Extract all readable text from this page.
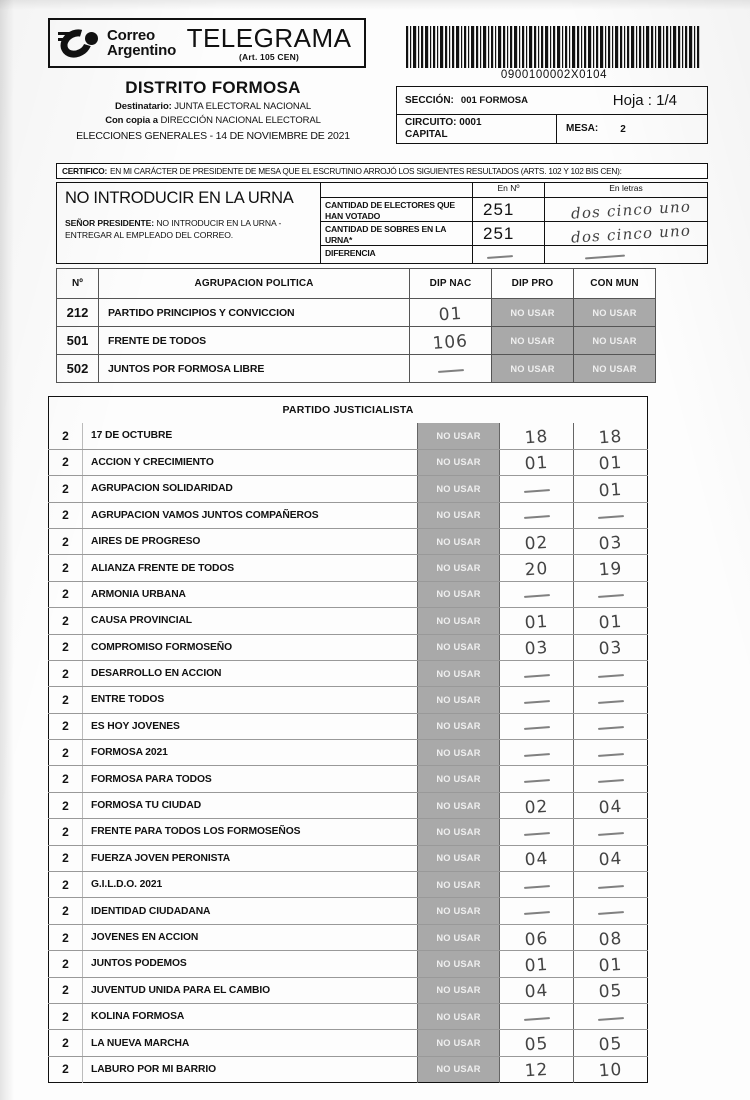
Correo
Argentino TELEGRAMA
(Art. 105 CEN)
DISTRITO FORMOSA
Destinatario: JUNTA ELECTORAL NACIONAL
Con copia a DIRECCIÓN NACIONAL ELECTORAL
ELECCIONES GENERALES - 14 DE NOVIEMBRE DE 2021
0900100002X0104
SECCIÓN: 001 FORMOSA	Hoja : 1/4
CIRCUITO: 0001
CAPITAL	MESA: 2
CERTIFICO: EN MI CARÁCTER DE PRESIDENTE DE MESA QUE EL ESCRUTINIO ARROJÓ LOS SIGUIENTES RESULTADOS (ARTS. 102 Y 102 BIS CEN):
NO INTRODUCIR EN LA URNA
SEÑOR PRESIDENTE: NO INTRODUCIR EN LA URNA - ENTREGAR AL EMPLEADO DEL CORREO.
En Nº	En letras
CANTIDAD DE ELECTORES QUE HAN VOTADO	251	dos cinco uno
CANTIDAD DE SOBRES EN LA URNA*	251	dos cinco uno
DIFERENCIA
Nº	AGRUPACION POLITICA	DIP NAC	DIP PRO	CON MUN
212	PARTIDO PRINCIPIOS Y CONVICCION	01	NO USAR	NO USAR
501	FRENTE DE TODOS	106	NO USAR	NO USAR
502	JUNTOS POR FORMOSA LIBRE		NO USAR	NO USAR
PARTIDO JUSTICIALISTA				
2	17 DE OCTUBRE	NO USAR	18	18

2	ACCION Y CRECIMIENTO	NO USAR	01	01

2	AGRUPACION SOLIDARIDAD	NO USAR		01

2	AGRUPACION VAMOS JUNTOS COMPAÑEROS	NO USAR	

2	AIRES DE PROGRESO	NO USAR	02	03

2	ALIANZA FRENTE DE TODOS	NO USAR	20	19

2	ARMONIA URBANA	NO USAR	

2	CAUSA PROVINCIAL	NO USAR	01	01

2	COMPROMISO FORMOSEÑO	NO USAR	03	03

2	DESARROLLO EN ACCION	NO USAR	

2	ENTRE TODOS	NO USAR	

2	ES HOY JOVENES	NO USAR	

2	FORMOSA 2021	NO USAR	

2	FORMOSA PARA TODOS	NO USAR	

2	FORMOSA TU CIUDAD	NO USAR	02	04

2	FRENTE PARA TODOS LOS FORMOSEÑOS	NO USAR	

2	FUERZA JOVEN PERONISTA	NO USAR	04	04

2	G.I.L.D.O. 2021	NO USAR	

2	IDENTIDAD CIUDADANA	NO USAR	

2	JOVENES EN ACCION	NO USAR	06	08

2	JUNTOS PODEMOS	NO USAR	01	01

2	JUVENTUD UNIDA PARA EL CAMBIO	NO USAR	04	05

2	KOLINA FORMOSA	NO USAR	

2	LA NUEVA MARCHA	NO USAR	05	05

2	LABURO POR MI BARRIO	NO USAR	12	10
